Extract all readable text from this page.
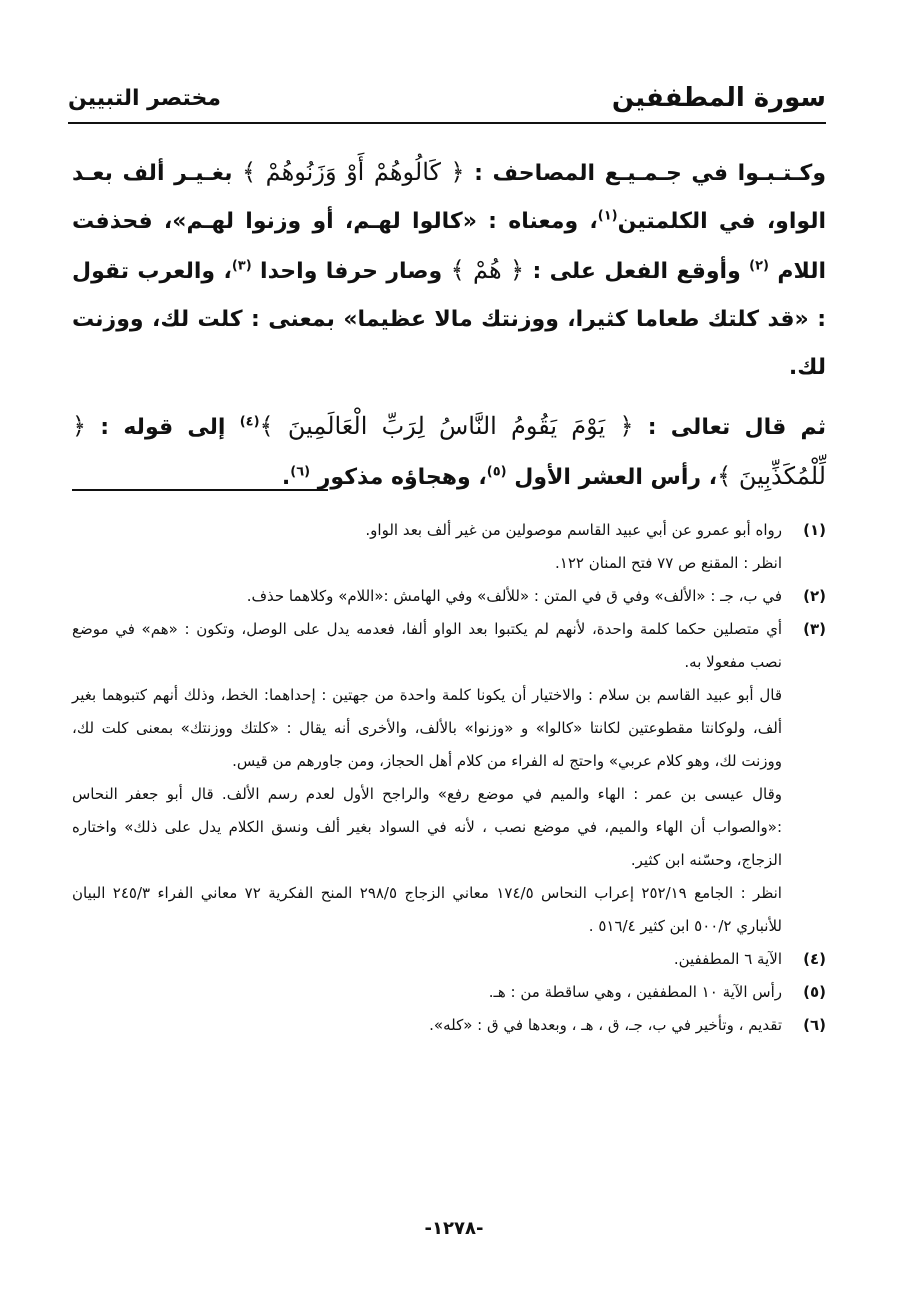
سورة المطففين
مختصر التبيين

وكـتـبـوا في جـمـيـع المصاحف : ﴿ كَالُوهُمْ أَوْ وَزَنُوهُمْ ﴾ بغـيـر ألف بعـد الواو، في الكلمتين$^{(١)}$، ومعناه : «كالوا لهـم، أو وزنوا لهـم»، فحذفت اللام $^{(٢)}$ وأوقع الفعل على : ﴿ هُمْ ﴾ وصار حرفا واحدا $^{(٣)}$، والعرب تقول : «قد كلتك طعاما كثيرا، ووزنتك مالا عظيما» بمعنى : كلت لك، ووزنت لك.

ثم قال تعالى : ﴿ يَوْمَ يَقُومُ النَّاسُ لِرَبِّ الْعَالَمِينَ ﴾$^{(٤)}$ إلى قوله : ﴿ لِّلْمُكَذِّبِينَ ﴾، رأس العشر الأول $^{(٥)}$، وهجاؤه مذكور $^{(٦)}$.

(١)
رواه أبو عمرو عن أبي عبيد القاسم موصولين من غير ألف بعد الواو.
انظر : المقنع ص ٧٧ فتح المنان ١٢٢.
(٢)
في ب، جـ : «الألف» وفي ق في المتن : «للألف» وفي الهامش :«اللام» وكلاهما حذف.
(٣)
أي متصلين حكما كلمة واحدة، لأنهم لم يكتبوا بعد الواو ألفا، فعدمه يدل على الوصل، وتكون : «هم» في موضع نصب مفعولا به.
قال أبو عبيد القاسم بن سلام : والاختيار أن يكونا كلمة واحدة من جهتين : إحداهما: الخط، وذلك أنهم كتبوهما بغير ألف، ولوكانتا مقطوعتين لكانتا «كالوا» و «وزنوا» بالألف، والأخرى أنه يقال : «كلتك ووزنتك» بمعنى كلت لك، ووزنت لك، وهو كلام عربي» واحتج له الفراء من كلام أهل الحجاز، ومن جاورهم من قيس.
وقال عيسى بن عمر : الهاء والميم في موضع رفع» والراجح الأول لعدم رسم الألف. قال أبو جعفر النحاس :«والصواب أن الهاء والميم، في موضع نصب ، لأنه في السواد بغير ألف ونسق الكلام يدل على ذلك» واختاره الزجاج، وحسّنه ابن كثير.
انظر : الجامع ٢٥٢/١٩ إعراب النحاس ١٧٤/٥ معاني الزجاج ٢٩٨/٥ المنح الفكرية ٧٢ معاني الفراء ٢٤٥/٣ البيان للأنباري ٥٠٠/٢ ابن كثير ٥١٦/٤ .
(٤)
الآية ٦ المطففين.
(٥)
رأس الآية ١٠ المطففين ، وهي ساقطة من : هـ.
(٦)
تقديم ، وتأخير في ب، جـ، ق ، هـ ، وبعدها في ق : «كله».
-١٢٧٨-
